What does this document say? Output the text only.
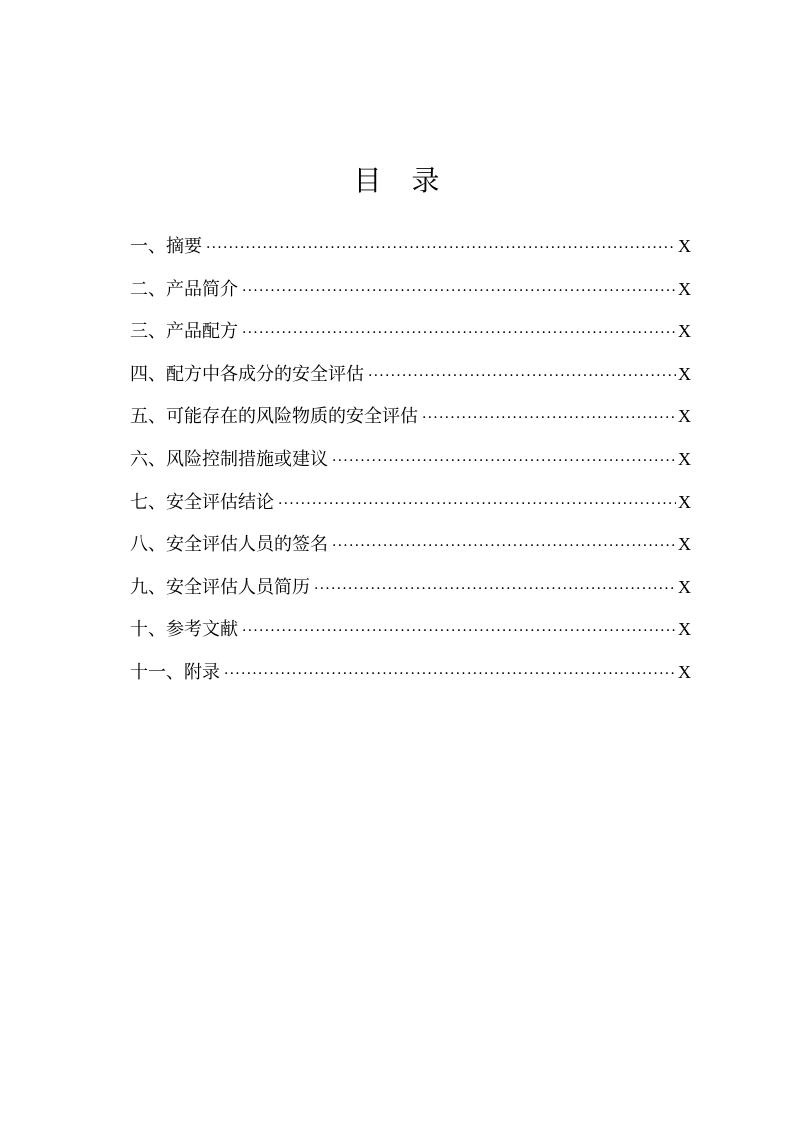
目 录
一、摘要 ·····	X
二、产品简介 ·····	X
三、产品配方 ·····	X
四、配方中各成分的安全评估 ·····	X
五、可能存在的风险物质的安全评估 ·····	X
六、风险控制措施或建议 ·····	X
七、安全评估结论 ·····	X
八、安全评估人员的签名 ·····	X
九、安全评估人员简历 ·····	X
十、参考文献 ·····	X
十一、附录 ·····	X
